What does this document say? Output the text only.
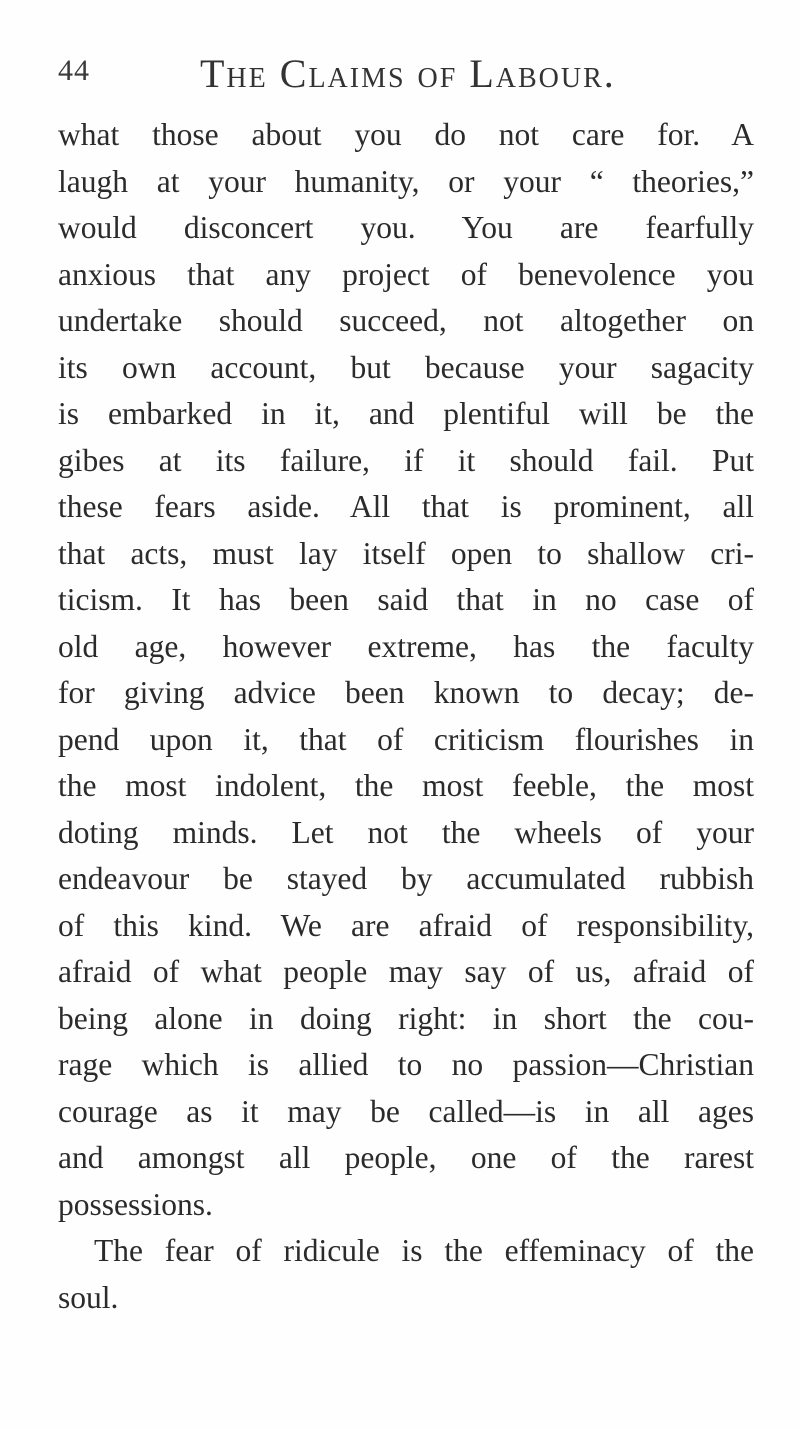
44	The Claims of Labour.
what those about you do not care for. A
laugh at your humanity, or your “ theories,”
would disconcert you. You are fearfully
anxious that any project of benevolence you
undertake should succeed, not altogether on
its own account, but because your sagacity
is embarked in it, and plentiful will be the
gibes at its failure, if it should fail. Put
these fears aside. All that is prominent, all
that acts, must lay itself open to shallow cri-
ticism. It has been said that in no case of
old age, however extreme, has the faculty
for giving advice been known to decay; de-
pend upon it, that of criticism flourishes in
the most indolent, the most feeble, the most
doting minds. Let not the wheels of your
endeavour be stayed by accumulated rubbish
of this kind. We are afraid of responsibility,
afraid of what people may say of us, afraid of
being alone in doing right: in short the cou-
rage which is allied to no passion—Christian
courage as it may be called—is in all ages
and amongst all people, one of the rarest
possessions.
The fear of ridicule is the effeminacy of the
soul.
